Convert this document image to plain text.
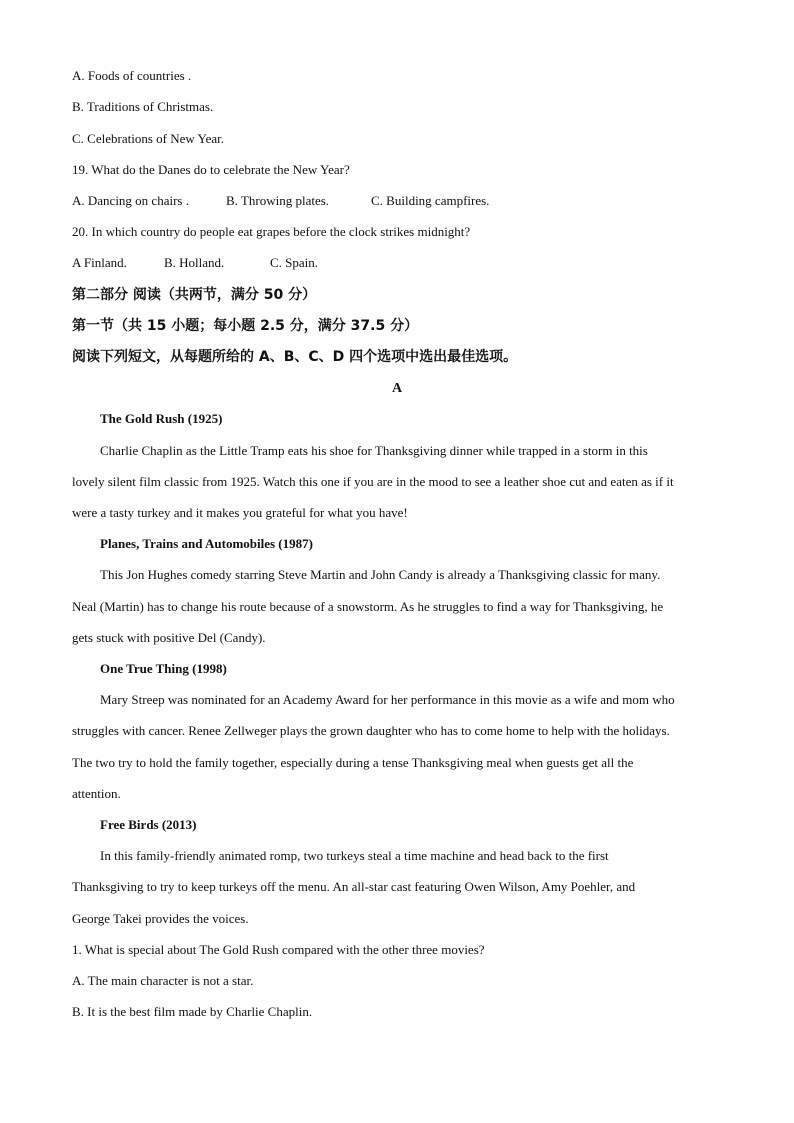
A. Foods of countries .
B. Traditions of Christmas.
C. Celebrations of New Year.
19. What do the Danes do to celebrate the New Year?
A. Dancing on chairs .	B. Throwing plates.	C. Building campfires.
20. In which country do people eat grapes before the clock strikes midnight?
A Finland.	B. Holland.	C. Spain.
第二部分 阅读（共两节，满分 50 分）
第一节（共 15 小题；每小题 2.5 分，满分 37.5 分）
阅读下列短文，从每题所给的 A、B、C、D 四个选项中选出最佳选项。
A
The Gold Rush (1925)
Charlie Chaplin as the Little Tramp eats his shoe for Thanksgiving dinner while trapped in a storm in this
lovely silent film classic from 1925. Watch this one if you are in the mood to see a leather shoe cut and eaten as if it
were a tasty turkey and it makes you grateful for what you have!
Planes, Trains and Automobiles (1987)
This Jon Hughes comedy starring Steve Martin and John Candy is already a Thanksgiving classic for many.
Neal (Martin) has to change his route because of a snowstorm. As he struggles to find a way for Thanksgiving, he
gets stuck with positive Del (Candy).
One True Thing (1998)
Mary Streep was nominated for an Academy Award for her performance in this movie as a wife and mom who
struggles with cancer. Renee Zellweger plays the grown daughter who has to come home to help with the holidays.
The two try to hold the family together, especially during a tense Thanksgiving meal when guests get all the
attention.
Free Birds (2013)
In this family-friendly animated romp, two turkeys steal a time machine and head back to the first
Thanksgiving to try to keep turkeys off the menu. An all-star cast featuring Owen Wilson, Amy Poehler, and
George Takei provides the voices.
1. What is special about The Gold Rush compared with the other three movies?
A. The main character is not a star.
B. It is the best film made by Charlie Chaplin.
